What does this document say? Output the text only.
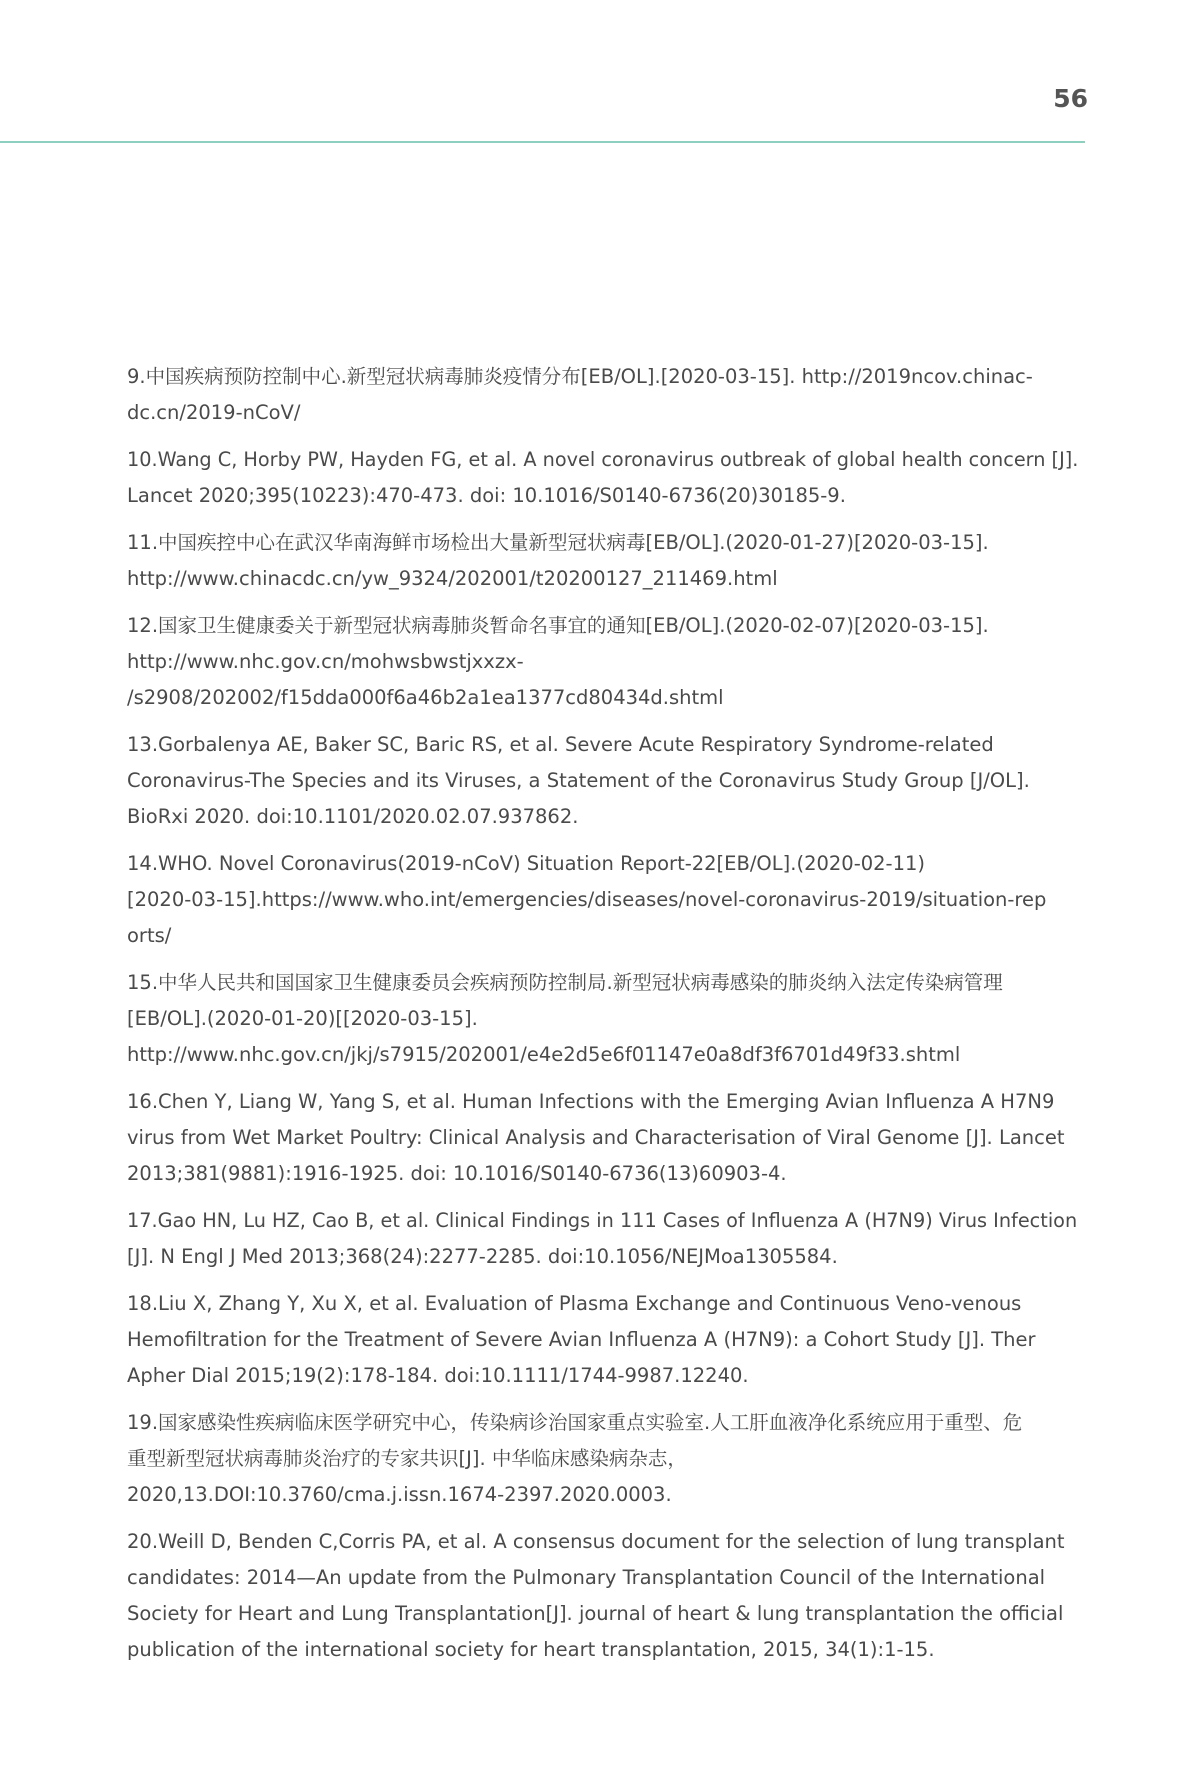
56
9.中国疾病预防控制中心.新型冠状病毒肺炎疫情分布[EB/OL].[2020-03-15]. http://2019ncov.chinac-
dc.cn/2019-nCoV/
10.Wang C, Horby PW, Hayden FG, et al. A novel coronavirus outbreak of global health concern [J].
Lancet 2020;395(10223):470-473. doi: 10.1016/S0140-6736(20)30185-9.
11.中国疾控中心在武汉华南海鲜市场检出大量新型冠状病毒[EB/OL].(2020-01-27)[2020-03-15].
http://www.chinacdc.cn/yw_9324/202001/t20200127_211469.html
12.国家卫生健康委关于新型冠状病毒肺炎暂命名事宜的通知[EB/OL].(2020-02-07)[2020-03-15].
http://www.nhc.gov.cn/mohwsbwstjxxzx-
/s2908/202002/f15dda000f6a46b2a1ea1377cd80434d.shtml
13.Gorbalenya AE, Baker SC, Baric RS, et al. Severe Acute Respiratory Syndrome-related
Coronavirus-The Species and its Viruses, a Statement of the Coronavirus Study Group [J/OL].
BioRxi 2020. doi:10.1101/2020.02.07.937862.
14.WHO. Novel Coronavirus(2019-nCoV) Situation Report-22[EB/OL].(2020-02-11)
[2020-03-15].https://www.who.int/emergencies/diseases/novel-coronavirus-2019/situation-rep
orts/
15.中华人民共和国国家卫生健康委员会疾病预防控制局.新型冠状病毒感染的肺炎纳入法定传染病管理
[EB/OL].(2020-01-20)[[2020-03-15].
http://www.nhc.gov.cn/jkj/s7915/202001/e4e2d5e6f01147e0a8df3f6701d49f33.shtml
16.Chen Y, Liang W, Yang S, et al. Human Infections with the Emerging Avian Influenza A H7N9
virus from Wet Market Poultry: Clinical Analysis and Characterisation of Viral Genome [J]. Lancet
2013;381(9881):1916-1925. doi: 10.1016/S0140-6736(13)60903-4.
17.Gao HN, Lu HZ, Cao B, et al. Clinical Findings in 111 Cases of Influenza A (H7N9) Virus Infection
[J]. N Engl J Med 2013;368(24):2277-2285. doi:10.1056/NEJMoa1305584.
18.Liu X, Zhang Y, Xu X, et al. Evaluation of Plasma Exchange and Continuous Veno-venous
Hemofiltration for the Treatment of Severe Avian Influenza A (H7N9): a Cohort Study [J]. Ther
Apher Dial 2015;19(2):178-184. doi:10.1111/1744-9987.12240.
19.国家感染性疾病临床医学研究中心，传染病诊治国家重点实验室.人工肝血液净化系统应用于重型、危
重型新型冠状病毒肺炎治疗的专家共识[J]. 中华临床感染病杂志，
2020,13.DOI:10.3760/cma.j.issn.1674-2397.2020.0003.
20.Weill D, Benden C,Corris PA, et al. A consensus document for the selection of lung transplant
candidates: 2014—An update from the Pulmonary Transplantation Council of the International
Society for Heart and Lung Transplantation[J]. journal of heart & lung transplantation the official
publication of the international society for heart transplantation, 2015, 34(1):1-15.
